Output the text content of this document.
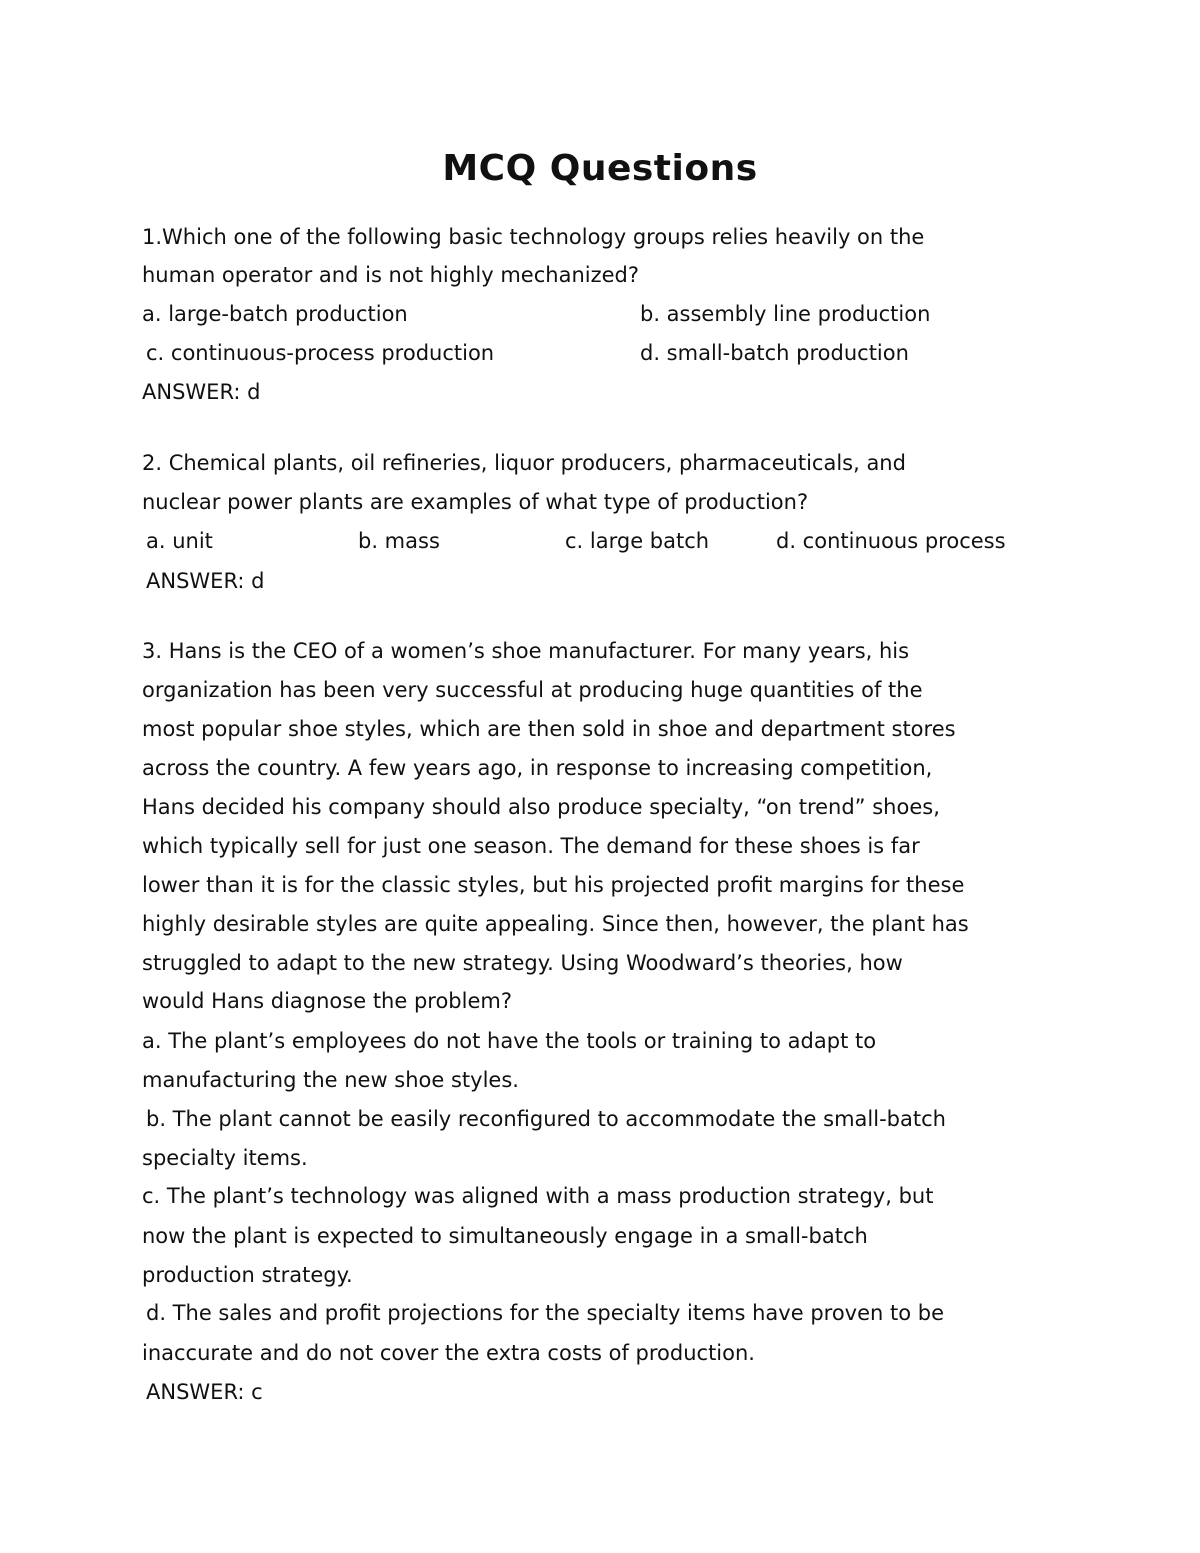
MCQ Questions
1.Which one of the following basic technology groups relies heavily on the
human operator and is not highly mechanized?
a. large-batch production	b. assembly line production
c. continuous-process production	d. small-batch production
ANSWER: d
2. Chemical plants, oil refineries, liquor producers, pharmaceuticals, and
nuclear power plants are examples of what type of production?
a. unit	b. mass	c. large batch	d. continuous process
ANSWER: d
3. Hans is the CEO of a women’s shoe manufacturer. For many years, his
organization has been very successful at producing huge quantities of the
most popular shoe styles, which are then sold in shoe and department stores
across the country. A few years ago, in response to increasing competition,
Hans decided his company should also produce specialty, “on trend” shoes,
which typically sell for just one season. The demand for these shoes is far
lower than it is for the classic styles, but his projected profit margins for these
highly desirable styles are quite appealing. Since then, however, the plant has
struggled to adapt to the new strategy. Using Woodward’s theories, how
would Hans diagnose the problem?
a. The plant’s employees do not have the tools or training to adapt to
manufacturing the new shoe styles.
b. The plant cannot be easily reconfigured to accommodate the small-batch
specialty items.
c. The plant’s technology was aligned with a mass production strategy, but
now the plant is expected to simultaneously engage in a small-batch
production strategy.
d. The sales and profit projections for the specialty items have proven to be
inaccurate and do not cover the extra costs of production.
ANSWER: c
